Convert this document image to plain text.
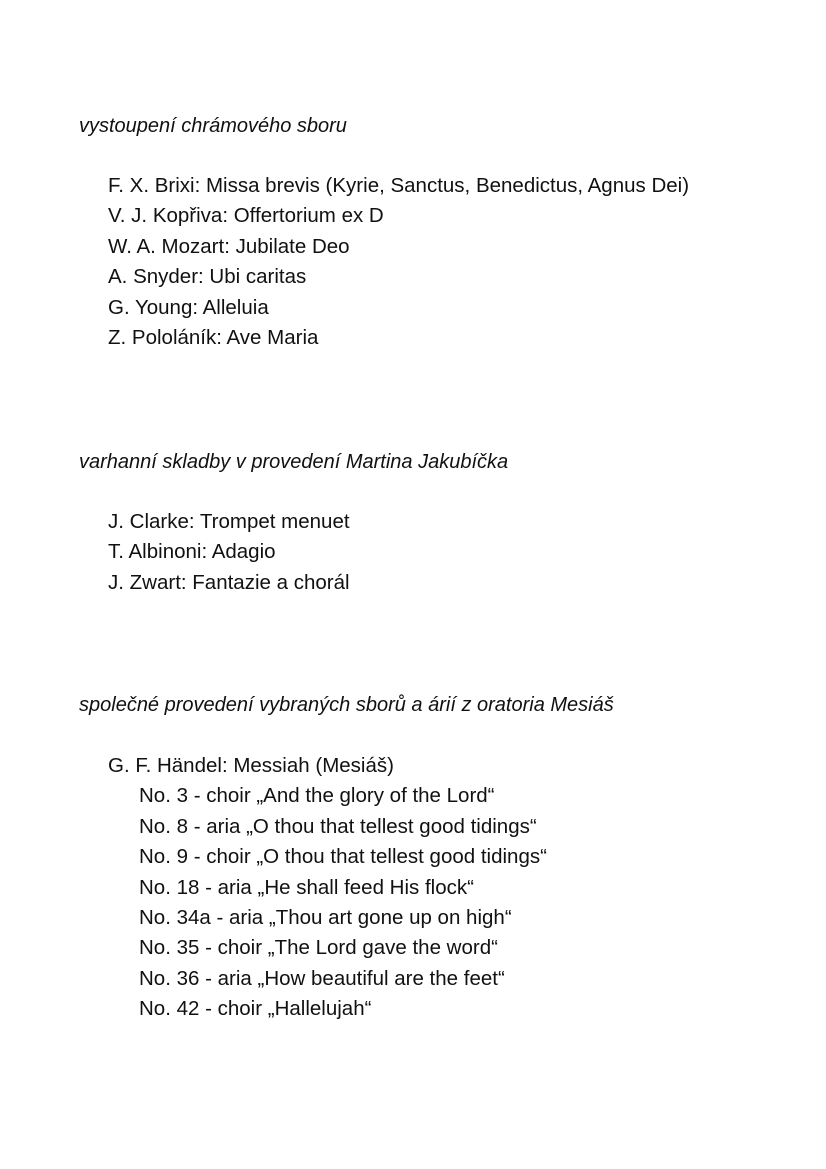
vystoupení chrámového sboru
F. X. Brixi: Missa brevis (Kyrie, Sanctus, Benedictus, Agnus Dei)
V. J. Kopřiva: Offertorium ex D
W. A. Mozart: Jubilate Deo
A. Snyder: Ubi caritas
G. Young: Alleluia
Z. Pololáník: Ave Maria
varhanní skladby v provedení Martina Jakubíčka
J. Clarke: Trompet menuet
T. Albinoni: Adagio
J. Zwart: Fantazie a chorál
společné provedení vybraných sborů a árií z oratoria Mesiáš
G. F. Händel: Messiah (Mesiáš)
No. 3 - choir „And the glory of the Lord“
No. 8 - aria „O thou that tellest good tidings“
No. 9 - choir „O thou that tellest good tidings“
No. 18 - aria „He shall feed His flock“
No. 34a - aria „Thou art gone up on high“
No. 35 - choir „The Lord gave the word“
No. 36 - aria „How beautiful are the feet“
No. 42 - choir „Hallelujah“
